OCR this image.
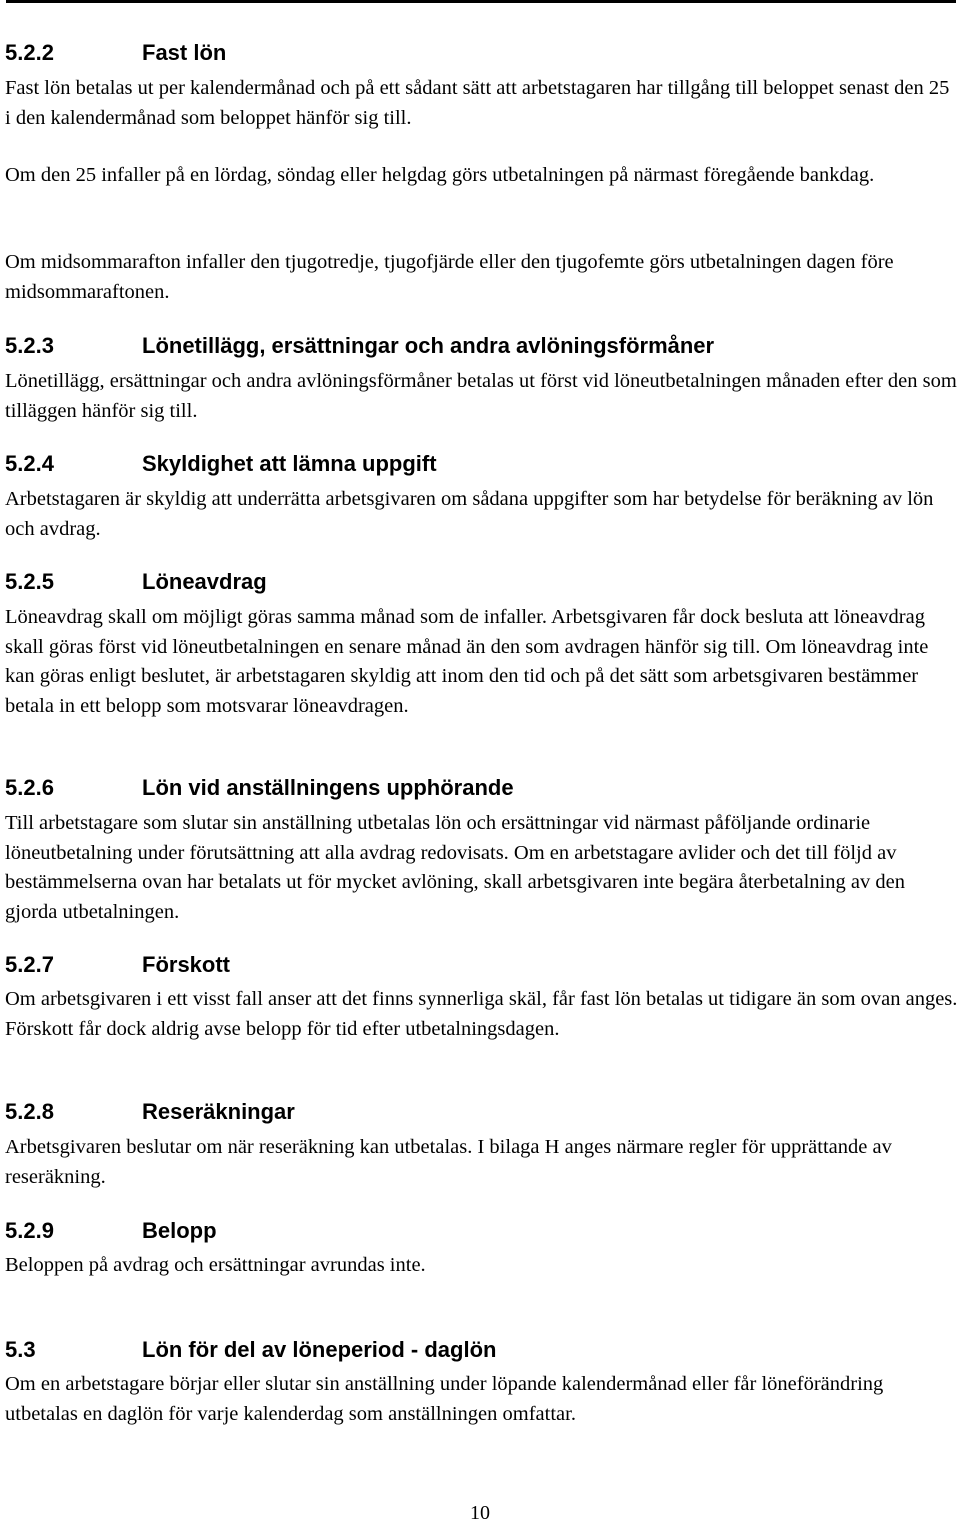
5.2.2	Fast lön

Fast lön betalas ut per kalendermånad och på ett sådant sätt att arbetstagaren har tillgång till beloppet senast den 25 i den kalendermånad som beloppet hänför sig till.

Om den 25 infaller på en lördag, söndag eller helgdag görs utbetalningen på närmast föregående bankdag.

Om midsommarafton infaller den tjugotredje, tjugofjärde eller den tjugofemte görs utbetalningen dagen före midsommaraftonen.

5.2.3	Lönetillägg, ersättningar och andra avlöningsförmåner

Lönetillägg, ersättningar och andra avlöningsförmåner betalas ut först vid löneutbetalningen månaden efter den som tilläggen hänför sig till.

5.2.4	Skyldighet att lämna uppgift

Arbetstagaren är skyldig att underrätta arbetsgivaren om sådana uppgifter som har betydelse för beräkning av lön och avdrag.

5.2.5	Löneavdrag

Löneavdrag skall om möjligt göras samma månad som de infaller. Arbetsgivaren får dock besluta att löneavdrag skall göras först vid löneutbetalningen en senare månad än den som avdragen hänför sig till. Om löneavdrag inte kan göras enligt beslutet, är arbetstagaren skyldig att inom den tid och på det sätt som arbetsgivaren bestämmer betala in ett belopp som motsvarar löneavdragen.

5.2.6	Lön vid anställningens upphörande

Till arbetstagare som slutar sin anställning utbetalas lön och ersättningar vid närmast påföljande ordinarie löneutbetalning under förutsättning att alla avdrag redovisats. Om en arbetstagare avlider och det till följd av bestämmelserna ovan har betalats ut för mycket avlöning, skall arbetsgivaren inte begära återbetalning av den gjorda utbetalningen.

5.2.7	Förskott

Om arbetsgivaren i ett visst fall anser att det finns synnerliga skäl, får fast lön betalas ut tidigare än som ovan anges. Förskott får dock aldrig avse belopp för tid efter utbetalningsdagen.

5.2.8	Reseräkningar

Arbetsgivaren beslutar om när reseräkning kan utbetalas. I bilaga H anges närmare regler för upprättande av reseräkning.

5.2.9	Belopp

Beloppen på avdrag och ersättningar avrundas inte.

5.3	Lön för del av löneperiod - daglön

Om en arbetstagare börjar eller slutar sin anställning under löpande kalendermånad eller får löneförändring utbetalas en daglön för varje kalenderdag som anställningen omfattar.

10
